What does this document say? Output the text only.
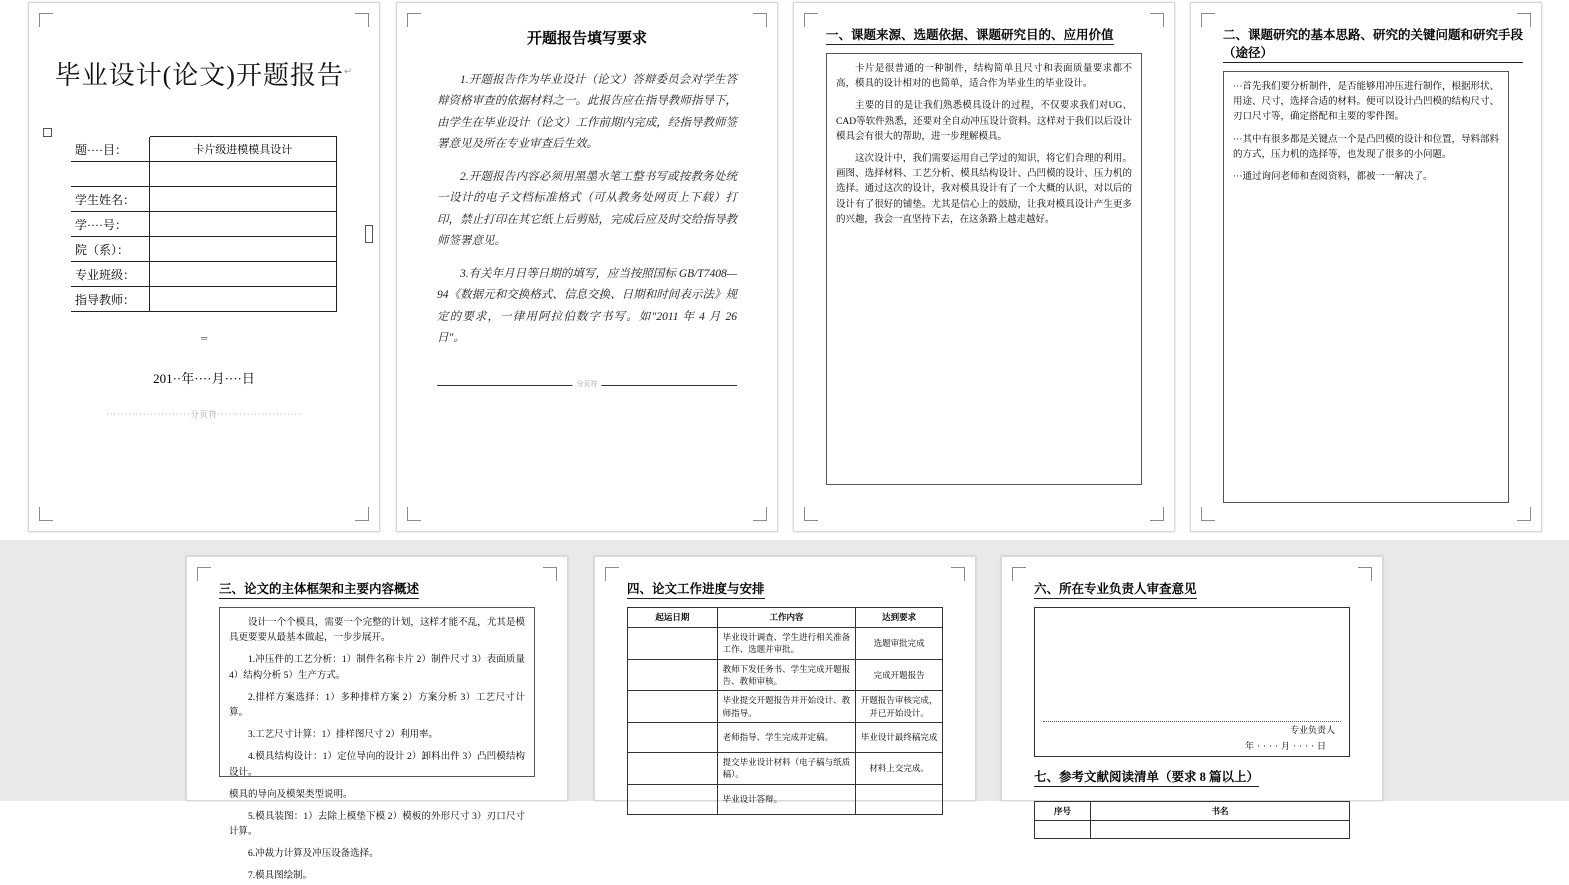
毕业设计(论文)开题报告↵
═
题····目：	卡片级进模模具设计

学生姓名：	
学····号：	
院（系）：	
专业班级：	
指导教师：	
201··年····月····日
·······················分页符·······················
开题报告填写要求

1.开题报告作为毕业设计（论文）答辩委员会对学生答辩资格审查的依据材料之一。此报告应在指导教师指导下，由学生在毕业设计（论文）工作前期内完成，经指导教师签署意见及所在专业审查后生效。

2.开题报告内容必须用黑墨水笔工整书写或按教务处统一设计的电子文档标准格式（可从教务处网页上下载）打印，禁止打印在其它纸上后剪贴，完成后应及时交给指导教师签署意见。

3.有关年月日等日期的填写，应当按照国标 GB/T7408—94《数据元和交换格式、信息交换、日期和时间表示法》规定的要求，一律用阿拉伯数字书写。如"2011 年 4 月 26 日"。

分页符
一、课题来源、选题依据、课题研究目的、应用价值

卡片是很普通的一种制件，结构简单且尺寸和表面质量要求都不高，模具的设计相对的也简单，适合作为毕业生的毕业设计。

主要的目的是让我们熟悉模具设计的过程，不仅要求我们对UG、CAD等软件熟悉，还要对全自动冲压设计资料。这样对于我们以后设计模具会有很大的帮助，进一步理解模具。

这次设计中，我们需要运用自己学过的知识，将它们合理的利用。画图、选择材料、工艺分析、模具结构设计、凸凹模的设计、压力机的选择。通过这次的设计，我对模具设计有了一个大概的认识，对以后的设计有了很好的铺垫。尤其是信心上的鼓励，让我对模具设计产生更多的兴趣，我会一直坚持下去，在这条路上越走越好。

二、课题研究的基本思路、研究的关键问题和研究手段（途径）

···首先我们要分析制件，是否能够用冲压进行制作，根据形状、用途、尺寸，选择合适的材料。便可以设计凸凹模的结构尺寸、刃口尺寸等，确定搭配和主要的零件图。

···其中有很多都是关键点一个是凸凹模的设计和位置，导料部料的方式，压力机的选择等，也发现了很多的小问题。

···通过询问老师和查阅资料，都被一一解决了。

三、论文的主体框架和主要内容概述

设计一个个模具，需要一个完整的计划，这样才能不乱，尤其是模具更要要从最基本做起，一步步展开。

1.冲压件的工艺分析：1）制件名称卡片 2）制件尺寸 3）表面质量 4）结构分析 5）生产方式。

2.排样方案选择：1）多种排样方案 2）方案分析 3）工艺尺寸计算。

3.工艺尺寸计算：1）排样图尺寸 2）利用率。

4.模具结构设计：1）定位导向的设计 2）卸料出件 3）凸凹模结构设计。

模具的导向及模架类型说明。

5.模具装图：1）去除上模垫下模 2）模板的外形尺寸 3）刃口尺寸计算。

6.冲裁力计算及冲压设备选择。

7.模具图绘制。

四、论文工作进度与安排
起运日期	工作内容	达到要求
	毕业设计调查、学生进行相关准备工作、选题并审批。	选题审批完成
	教师下发任务书、学生完成开题报告、教师审核。	完成开题报告
	毕业提交开题报告并开始设计、教师指导。	开题报告审核完成，并已开始设计。
	老师指导、学生完成并定稿。	毕业设计最终稿完成
	提交毕业设计材料（电子稿与纸质稿）。	材料上交完成。
	毕业设计答辩。	
六、所在专业负责人审查意见
专业负责人
年····月····日
七、参考文献阅读清单（要求 8 篇以上）
序号	书名
